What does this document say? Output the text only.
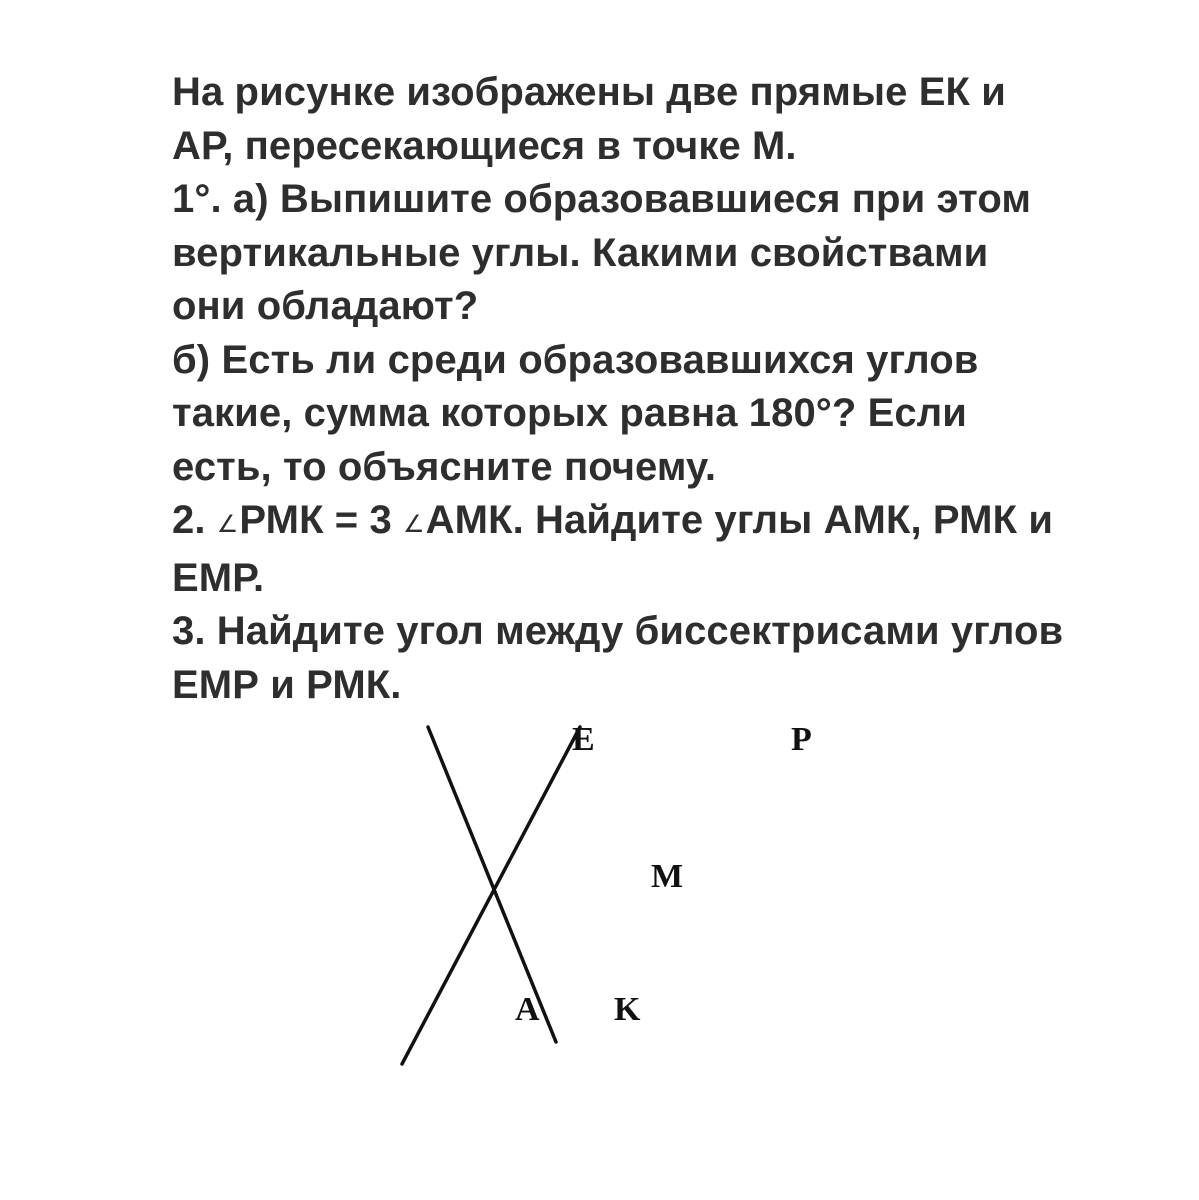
На рисунке изображены две прямые ЕК и
АР, пересекающиеся в точке М.
1°. а) Выпишите образовавшиеся при этом
вертикальные углы. Какими свойствами
они обладают?
б) Есть ли среди образовавшихся углов
такие, сумма которых равна 180°? Если
есть, то объясните почему.
2. ∠РМК = 3 ∠АМК. Найдите углы АМК, РМК и
ЕМР.
3. Найдите угол между биссектрисами углов
ЕМР и РМК.
E	P
M
A K
